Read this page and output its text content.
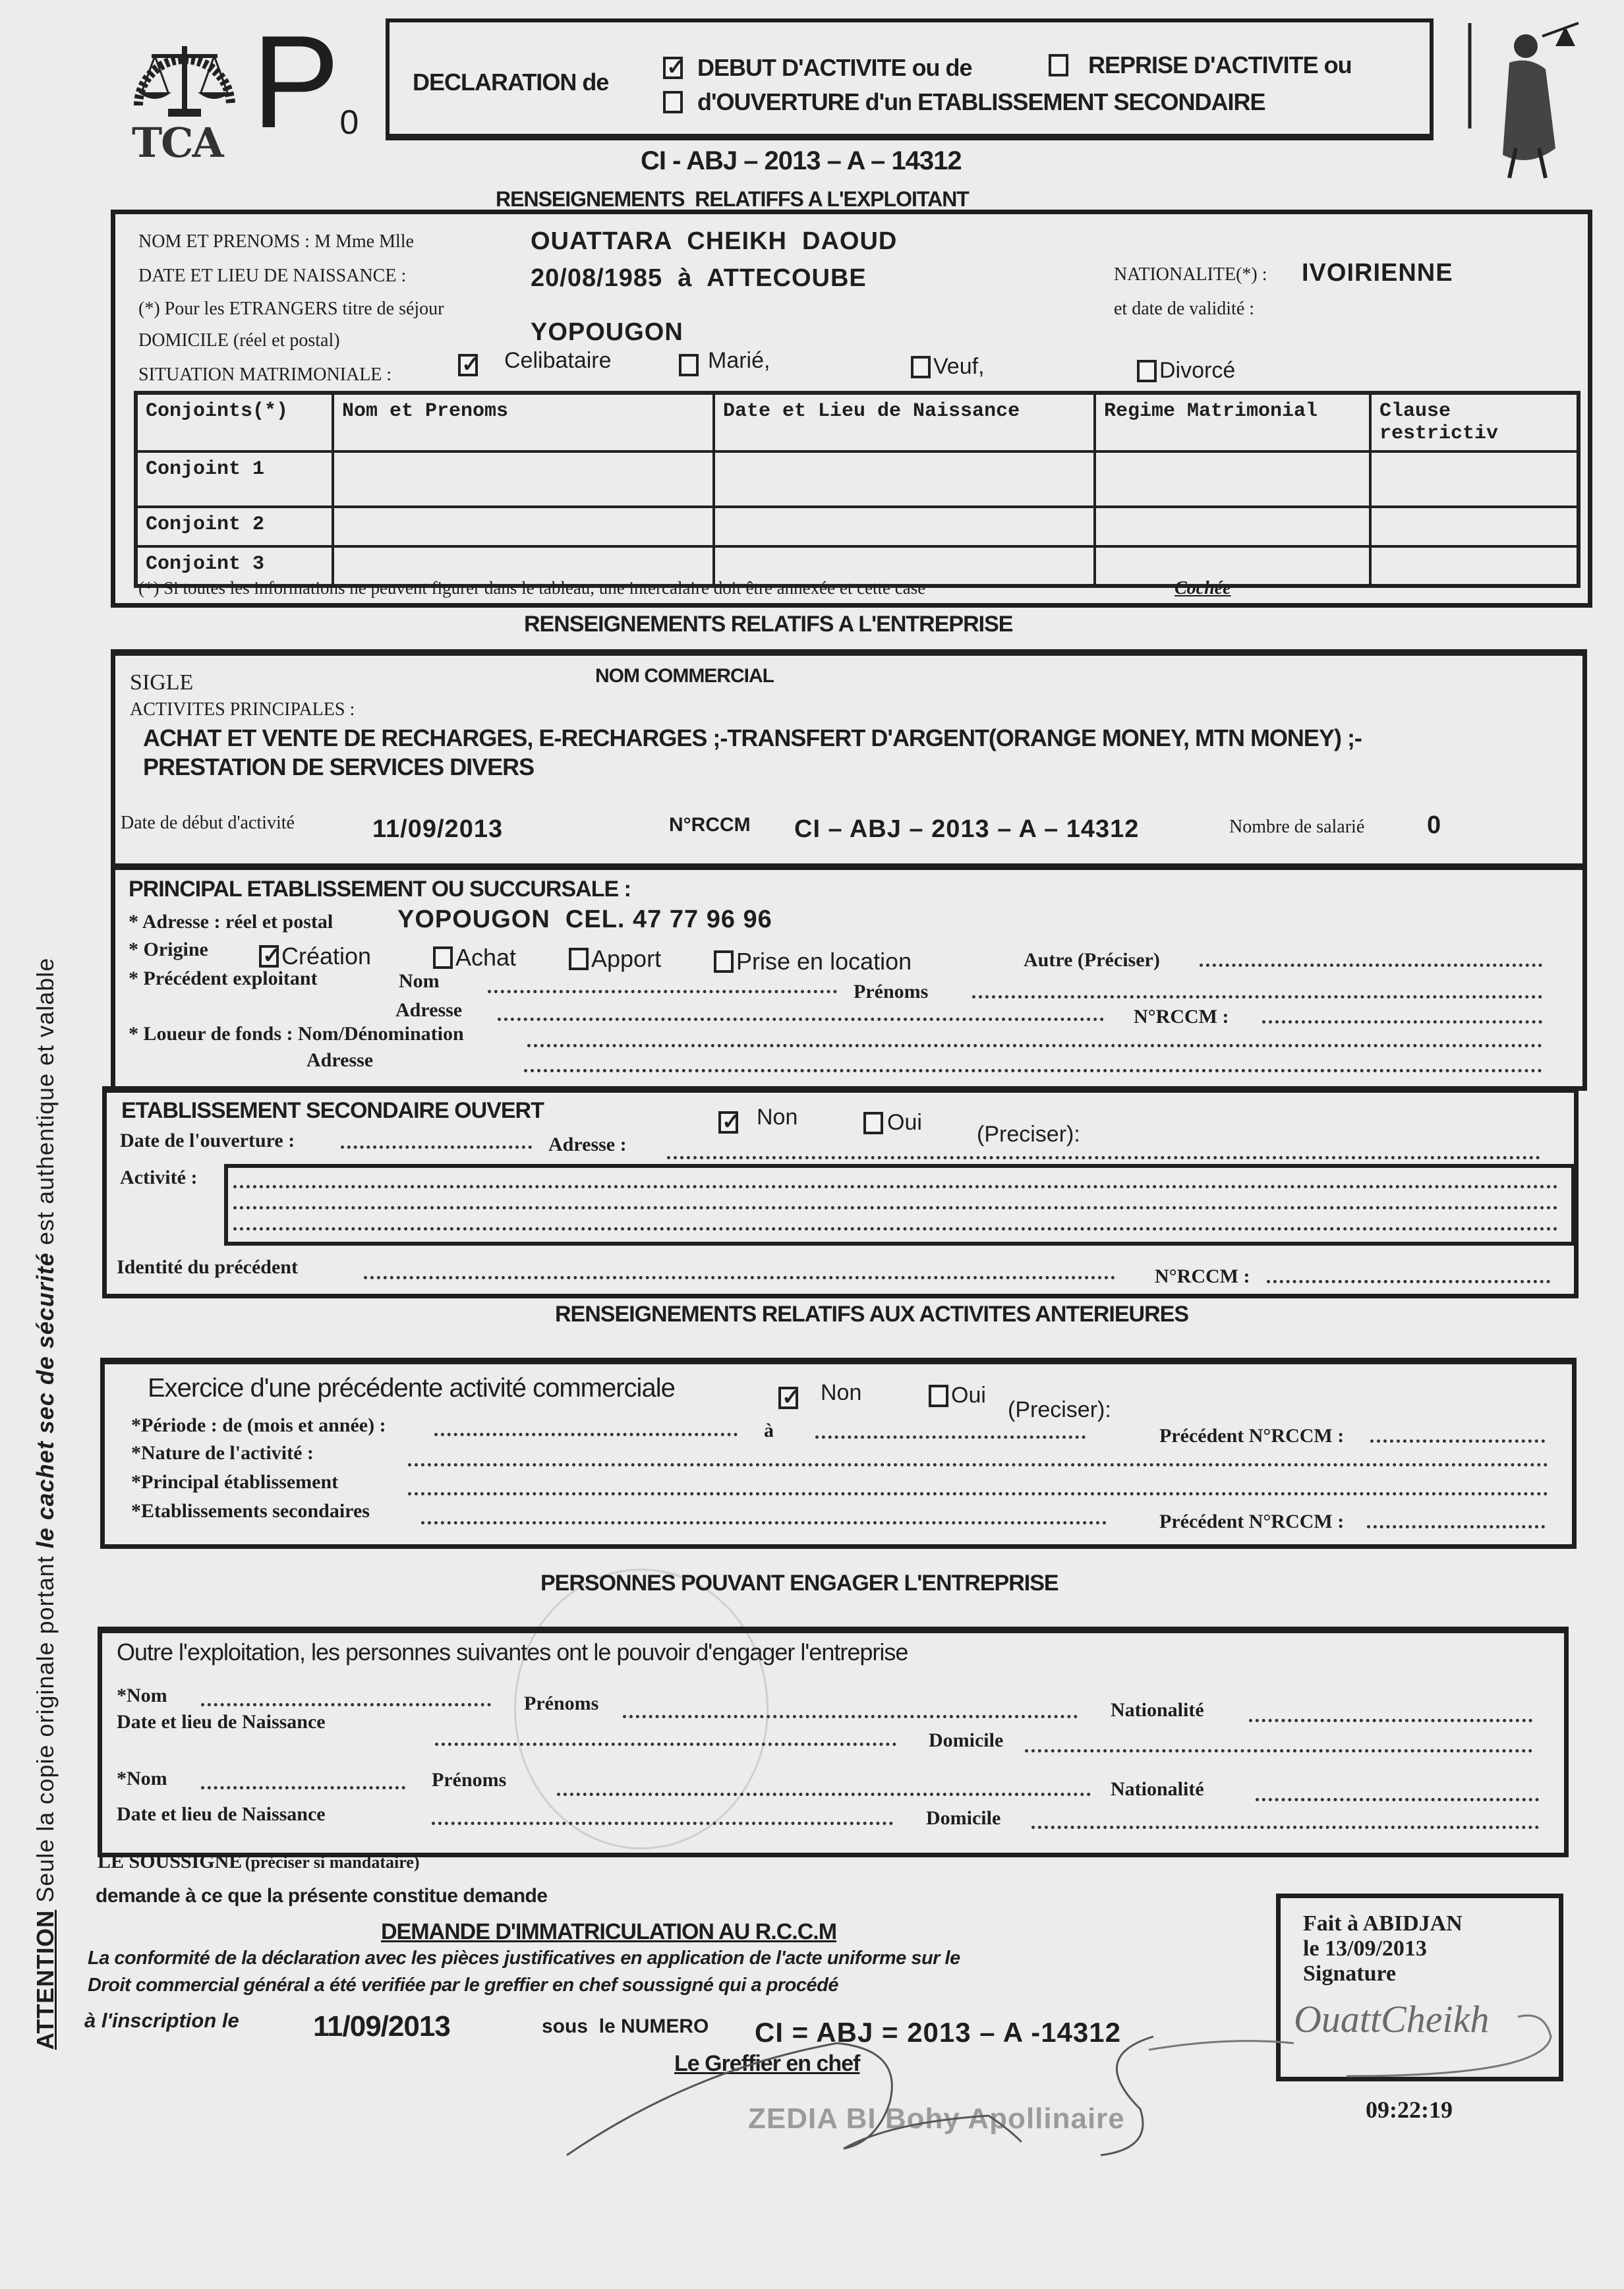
TCA P0
DECLARATION de
✓
DEBUT D'ACTIVITE ou de	REPRISE D'ACTIVITE ou
d'OUVERTURE d'un ETABLISSEMENT SECONDAIRE
CI - ABJ – 2013 – A – 14312
RENSEIGNEMENTS  RELATIFFS A L'EXPLOITANT
NOM ET PRENOMS : M Mme Mlle	OUATTARA  CHEIKH  DAOUD
DATE ET LIEU DE NAISSANCE :	20/08/1985  à  ATTECOUBE	NATIONALITE(*) : IVOIRIENNE
(*) Pour les ETRANGERS titre de séjour	et date de validité :
DOMICILE (réel et postal)	YOPOUGON
SITUATION MATRIMONIALE :
✓
Celibataire	Marié,	Veuf,	Divorcé
Conjoints(*)	Nom et Prenoms	Date et Lieu de Naissance	Regime Matrimonial	Clause restrictiv
Conjoint 1				
Conjoint 2				
Conjoint 3				
(*) Si toutes les informations ne peuvent figurer dans le tableau, une intercalaire doit être annexée et cette case	Cochée
RENSEIGNEMENTS RELATIFS A L'ENTREPRISE
SIGLE	NOM COMMERCIAL
ACTIVITES PRINCIPALES :
ACHAT ET VENTE DE RECHARGES, E-RECHARGES ;-TRANSFERT D'ARGENT(ORANGE MONEY, MTN MONEY) ;-
PRESTATION DE SERVICES DIVERS
Date de début d'activité	11/09/2013	N°RCCM CI – ABJ – 2013 – A – 14312	Nombre de salarié 0
PRINCIPAL ETABLISSEMENT OU SUCCURSALE :
* Adresse : réel et postal	YOPOUGON  CEL. 47 77 96 96
* Origine ✓	Création	Achat	Apport	Prise en location	Autre (Préciser)
* Précédent exploitant	Nom	Prénoms
Adresse	N°RCCM :
* Loueur de fonds : Nom/Dénomination
Adresse
ETABLISSEMENT SECONDAIRE OUVERT ✓	Non	Oui (Preciser):
Date de l'ouverture :	Adresse :
Activité :
Identité du précédent	N°RCCM :
RENSEIGNEMENTS RELATIFS AUX ACTIVITES ANTERIEURES
Exercice d'une précédente activité commerciale ✓	Non	Oui
(Preciser):
*Période : de (mois et année) :	à	Précédent N°RCCM :
*Nature de l'activité :
*Principal établissement
*Etablissements secondaires	Précédent N°RCCM :
PERSONNES POUVANT ENGAGER L'ENTREPRISE
Outre l'exploitation, les personnes suivantes ont le pouvoir d'engager l'entreprise
*Nom	Prénoms	Nationalité
Date et lieu de Naissance
Domicile
*Nom	Prénoms	Nationalité
Date et lieu de Naissance	Domicile
LE SOUSSIGNE (préciser si mandataire)
demande à ce que la présente constitue demande
DEMANDE D'IMMATRICULATION AU R.C.C.M
La conformité de la déclaration avec les pièces justificatives en application de l'acte uniforme sur le
Droit commercial général a été verifiée par le greffier en chef soussigné qui a procédé
à l'inscription le	11/09/2013	sous  le NUMERO CI = ABJ = 2013 – A -14312
Le Greffier en chef
ZEDIA BI Bohy Apollinaire
Fait à ABIDJAN
le 13/09/2013
Signature
OuattCheikh
09:22:19
ATTENTION Seule la copie originale portant le cachet sec de sécurité est authentique et valable
